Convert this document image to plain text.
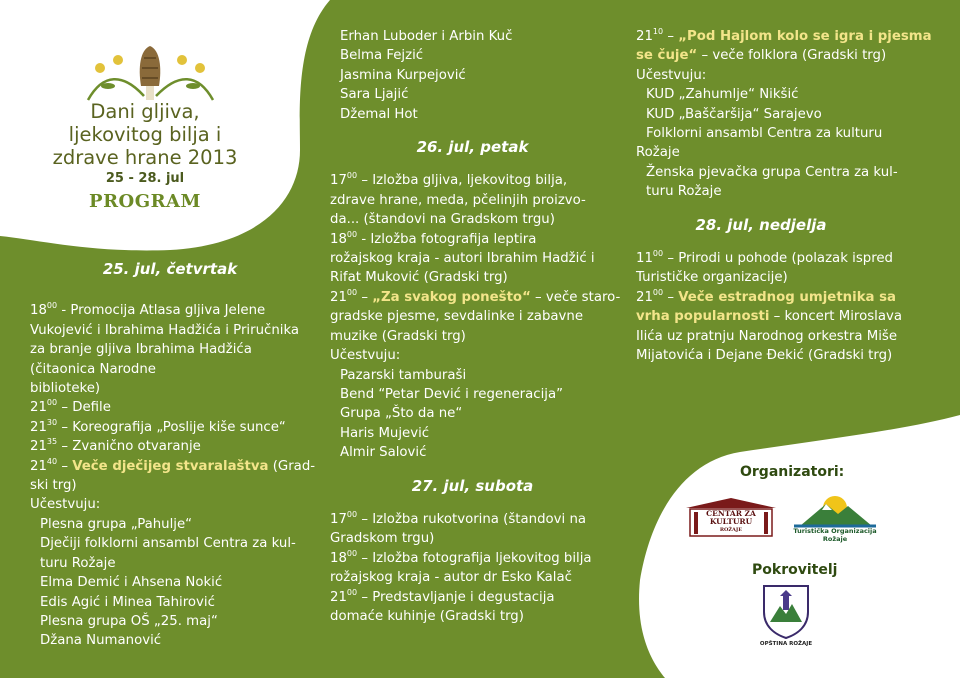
Dani gljiva,
ljekovitog bilja i
zdrave hrane 2013
25 - 28. jul
PROGRAM
25. jul, četvrtak
$18^{00}$ - Promocija Atlasa gljiva Jelene
Vukojević i Ibrahima Hadžića i Priručnika
za branje gljiva Ibrahima Hadžića
(čitaonica Narodne
biblioteke)
$21^{00}$ – Defile
$21^{30}$ – Koreografija „Poslije kiše sunce“
$21^{35}$ – Zvanično otvaranje
$21^{40}$ – Veče dječijeg stvaralaštva (Grad-
ski trg)
Učestvuju:
Plesna grupa „Pahulje“
Dječiji folklorni ansambl Centra za kul-
turu Rožaje
Elma Demić i Ahsena Nokić
Edis Agić i Minea Tahirović
Plesna grupa OŠ „25. maj“
Džana Numanović
Erhan Luboder i Arbin Kuč
Belma Fejzić
Jasmina Kurpejović
Sara Ljajić
Džemal Hot
26. jul, petak
$17^{00}$ – Izložba gljiva, ljekovitog bilja,
zdrave hrane, meda, pčelinjih proizvo-
da... (štandovi na Gradskom trgu)
$18^{00}$ - Izložba fotografija leptira
rožajskog kraja - autori Ibrahim Hadžić i
Rifat Muković (Gradski trg)
$21^{00}$ – „Za svakog ponešto“ – veče staro-
gradske pjesme, sevdalinke i zabavne
muzike (Gradski trg)
Učestvuju:
Pazarski tamburaši
Bend “Petar Dević i regeneracija”
Grupa „Što da ne“
Haris Mujević
Almir Salović
27. jul, subota
$17^{00}$ – Izložba rukotvorina (štandovi na
Gradskom trgu)
$18^{00}$ – Izložba fotografija ljekovitog bilja
rožajskog kraja - autor dr Esko Kalač
$21^{00}$ – Predstavljanje i degustacija
domaće kuhinje (Gradski trg)
$21^{10}$ – „Pod Hajlom kolo se igra i pjesma
se čuje“ – veče folklora (Gradski trg)
Učestvuju:
KUD „Zahumlje“ Nikšić
KUD „Baščaršija“ Sarajevo
Folklorni ansambl Centra za kulturu
Rožaje
Ženska pjevačka grupa Centra za kul-
turu Rožaje
28. jul, nedjelja
$11^{00}$ – Prirodi u pohode (polazak ispred
Turističke organizacije)
$21^{00}$ – Veče estradnog umjetnika sa
vrha popularnosti – koncert Miroslava
Ilića uz pratnju Narodnog orkestra Miše
Mijatovića i Dejane Đekić (Gradski trg)
Organizatori:
CENTAR ZA
KULTURU
ROŽAJE	Turistička Organizacija Rožaje
Pokrovitelj
OPŠTINA ROŽAJE
